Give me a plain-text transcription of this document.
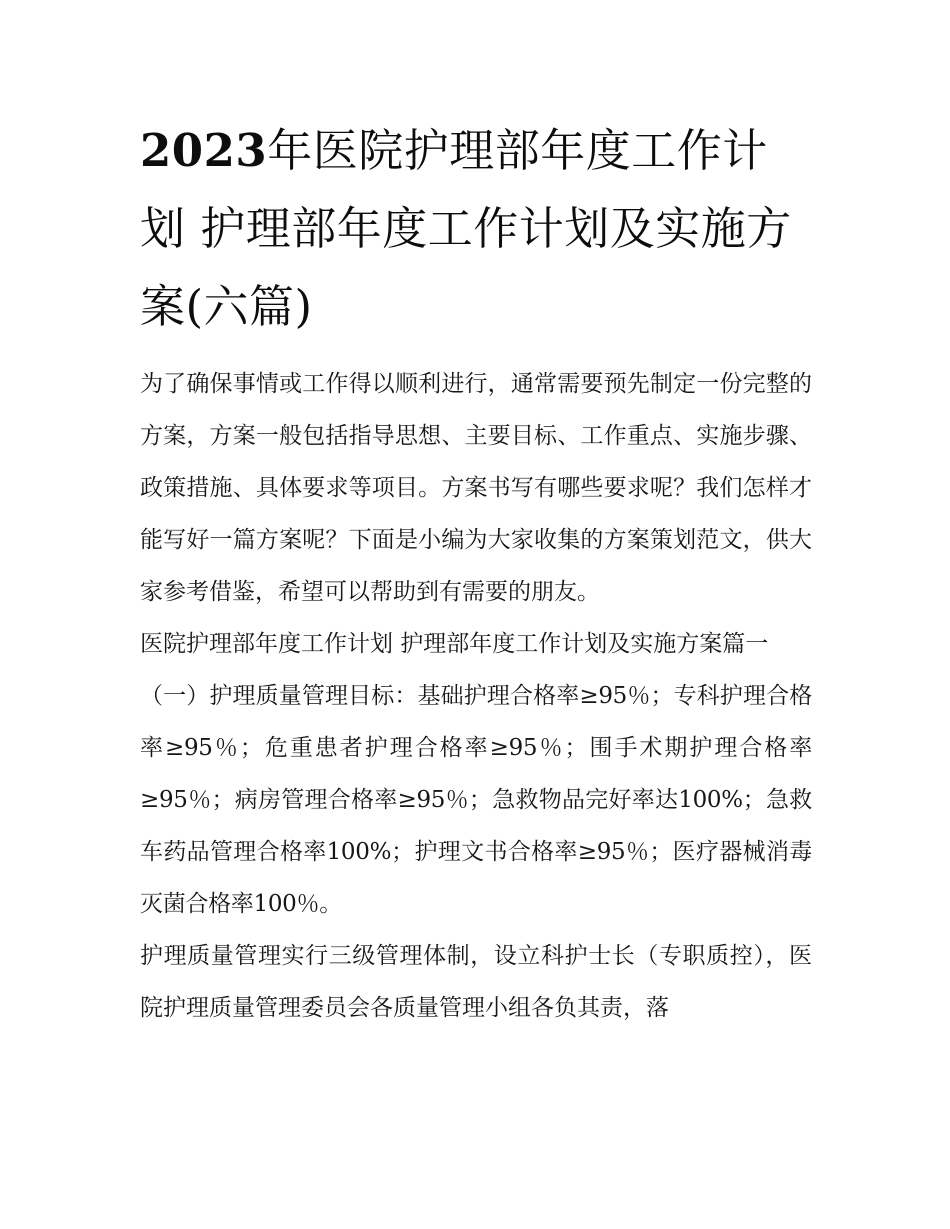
2023年医院护理部年度工作计划 护理部年度工作计划及实施方案(六篇)

为了确保事情或工作得以顺利进行，通常需要预先制定一份完整的方案，方案一般包括指导思想、主要目标、工作重点、实施步骤、政策措施、具体要求等项目。方案书写有哪些要求呢？我们怎样才能写好一篇方案呢？下面是小编为大家收集的方案策划范文，供大家参考借鉴，希望可以帮助到有需要的朋友。

医院护理部年度工作计划 护理部年度工作计划及实施方案篇一

（一）护理质量管理目标：基础护理合格率≥95％；专科护理合格率≥95％；危重患者护理合格率≥95％；围手术期护理合格率≥95％；病房管理合格率≥95％；急救物品完好率达100%；急救车药品管理合格率100%；护理文书合格率≥95％；医疗器械消毒灭菌合格率100％。

护理质量管理实行三级管理体制，设立科护士长（专职质控），医院护理质量管理委员会各质量管理小组各负其责，落
